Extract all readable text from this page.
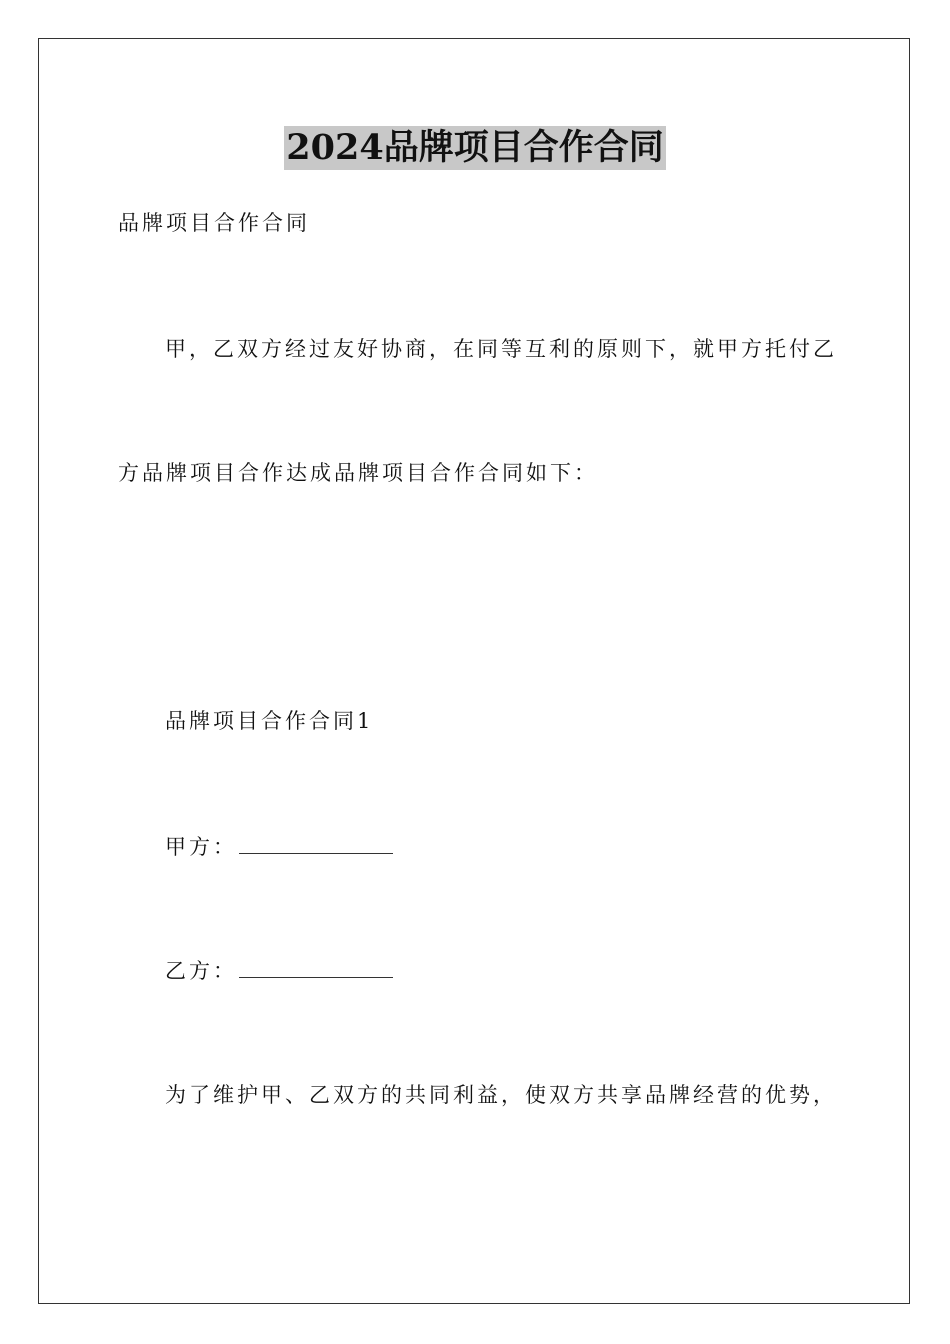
2024品牌项目合作合同
品牌项目合作合同
甲，乙双方经过友好协商，在同等互利的原则下，就甲方托付乙
方品牌项目合作达成品牌项目合作合同如下：
品牌项目合作合同1
甲方：
乙方：
为了维护甲、乙双方的共同利益，使双方共享品牌经营的优势，
